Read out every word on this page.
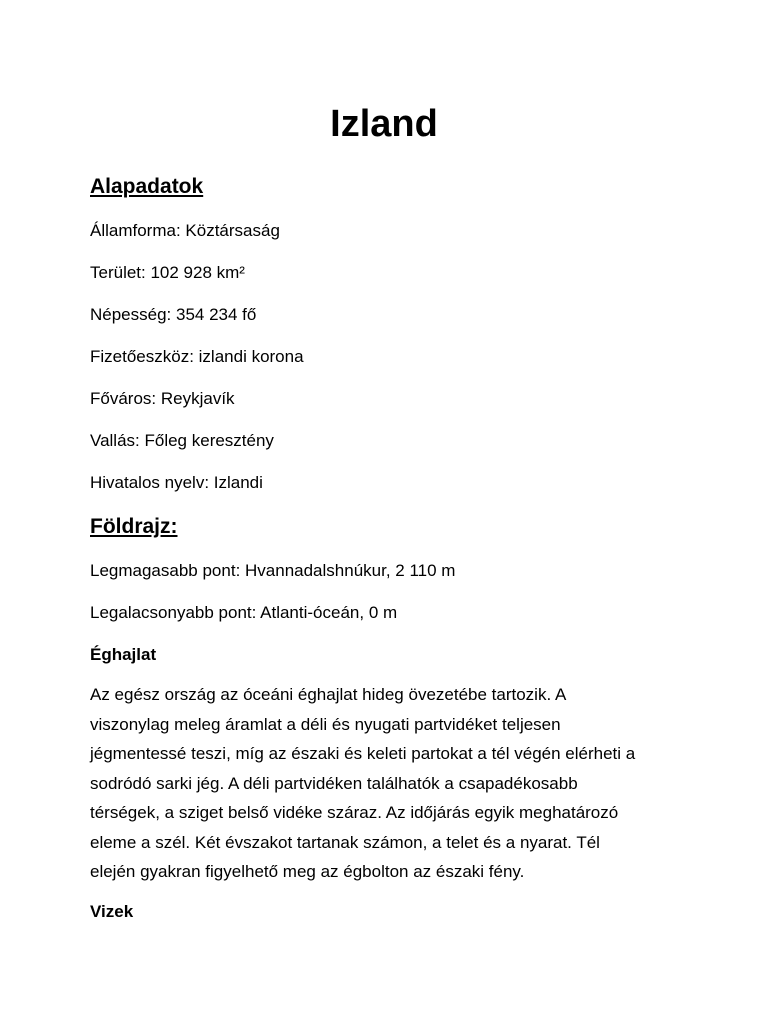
Izland
Alapadatok

Államforma: Köztársaság

Terület: 102 928 km²

Népesség: 354 234 fő

Fizetőeszköz: izlandi korona

Főváros: Reykjavík

Vallás: Főleg keresztény

Hivatalos nyelv: Izlandi

Földrajz:

Legmagasabb pont: Hvannadalshnúkur, 2 110 m

Legalacsonyabb pont: Atlanti-óceán, 0 m

Éghajlat
Az egész ország az óceáni éghajlat hideg övezetébe tartozik. A
viszonylag meleg áramlat a déli és nyugati partvidéket teljesen
jégmentessé teszi, míg az északi és keleti partokat a tél végén elérheti a
sodródó sarki jég. A déli partvidéken találhatók a csapadékosabb
térségek, a sziget belső vidéke száraz. Az időjárás egyik meghatározó
eleme a szél. Két évszakot tartanak számon, a telet és a nyarat. Tél
elején gyakran figyelhető meg az égbolton az északi fény.
Vizek
